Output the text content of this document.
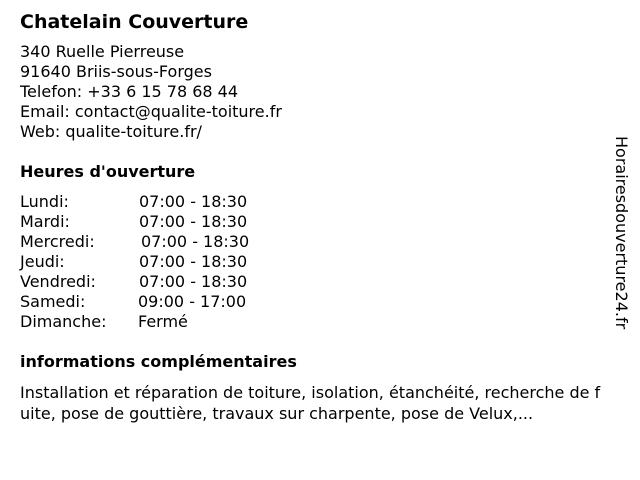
Chatelain Couverture
340 Ruelle Pierreuse
91640 Briis-sous-Forges
Telefon: +33 6 15 78 68 44
Email: contact@qualite-toiture.fr
Web: qualite-toiture.fr/
Heures d'ouverture
Lundi:	07:00 - 18:30
Mardi:	07:00 - 18:30
Mercredi:	07:00 - 18:30
Jeudi:	07:00 - 18:30
Vendredi:	07:00 - 18:30
Samedi:	09:00 - 17:00
Dimanche:	Fermé
informations complémentaires

Installation et réparation de toiture, isolation, étanchéité, recherche de fuite, pose de gouttière, travaux sur charpente, pose de Velux,...

Horairesdouverture24.fr
